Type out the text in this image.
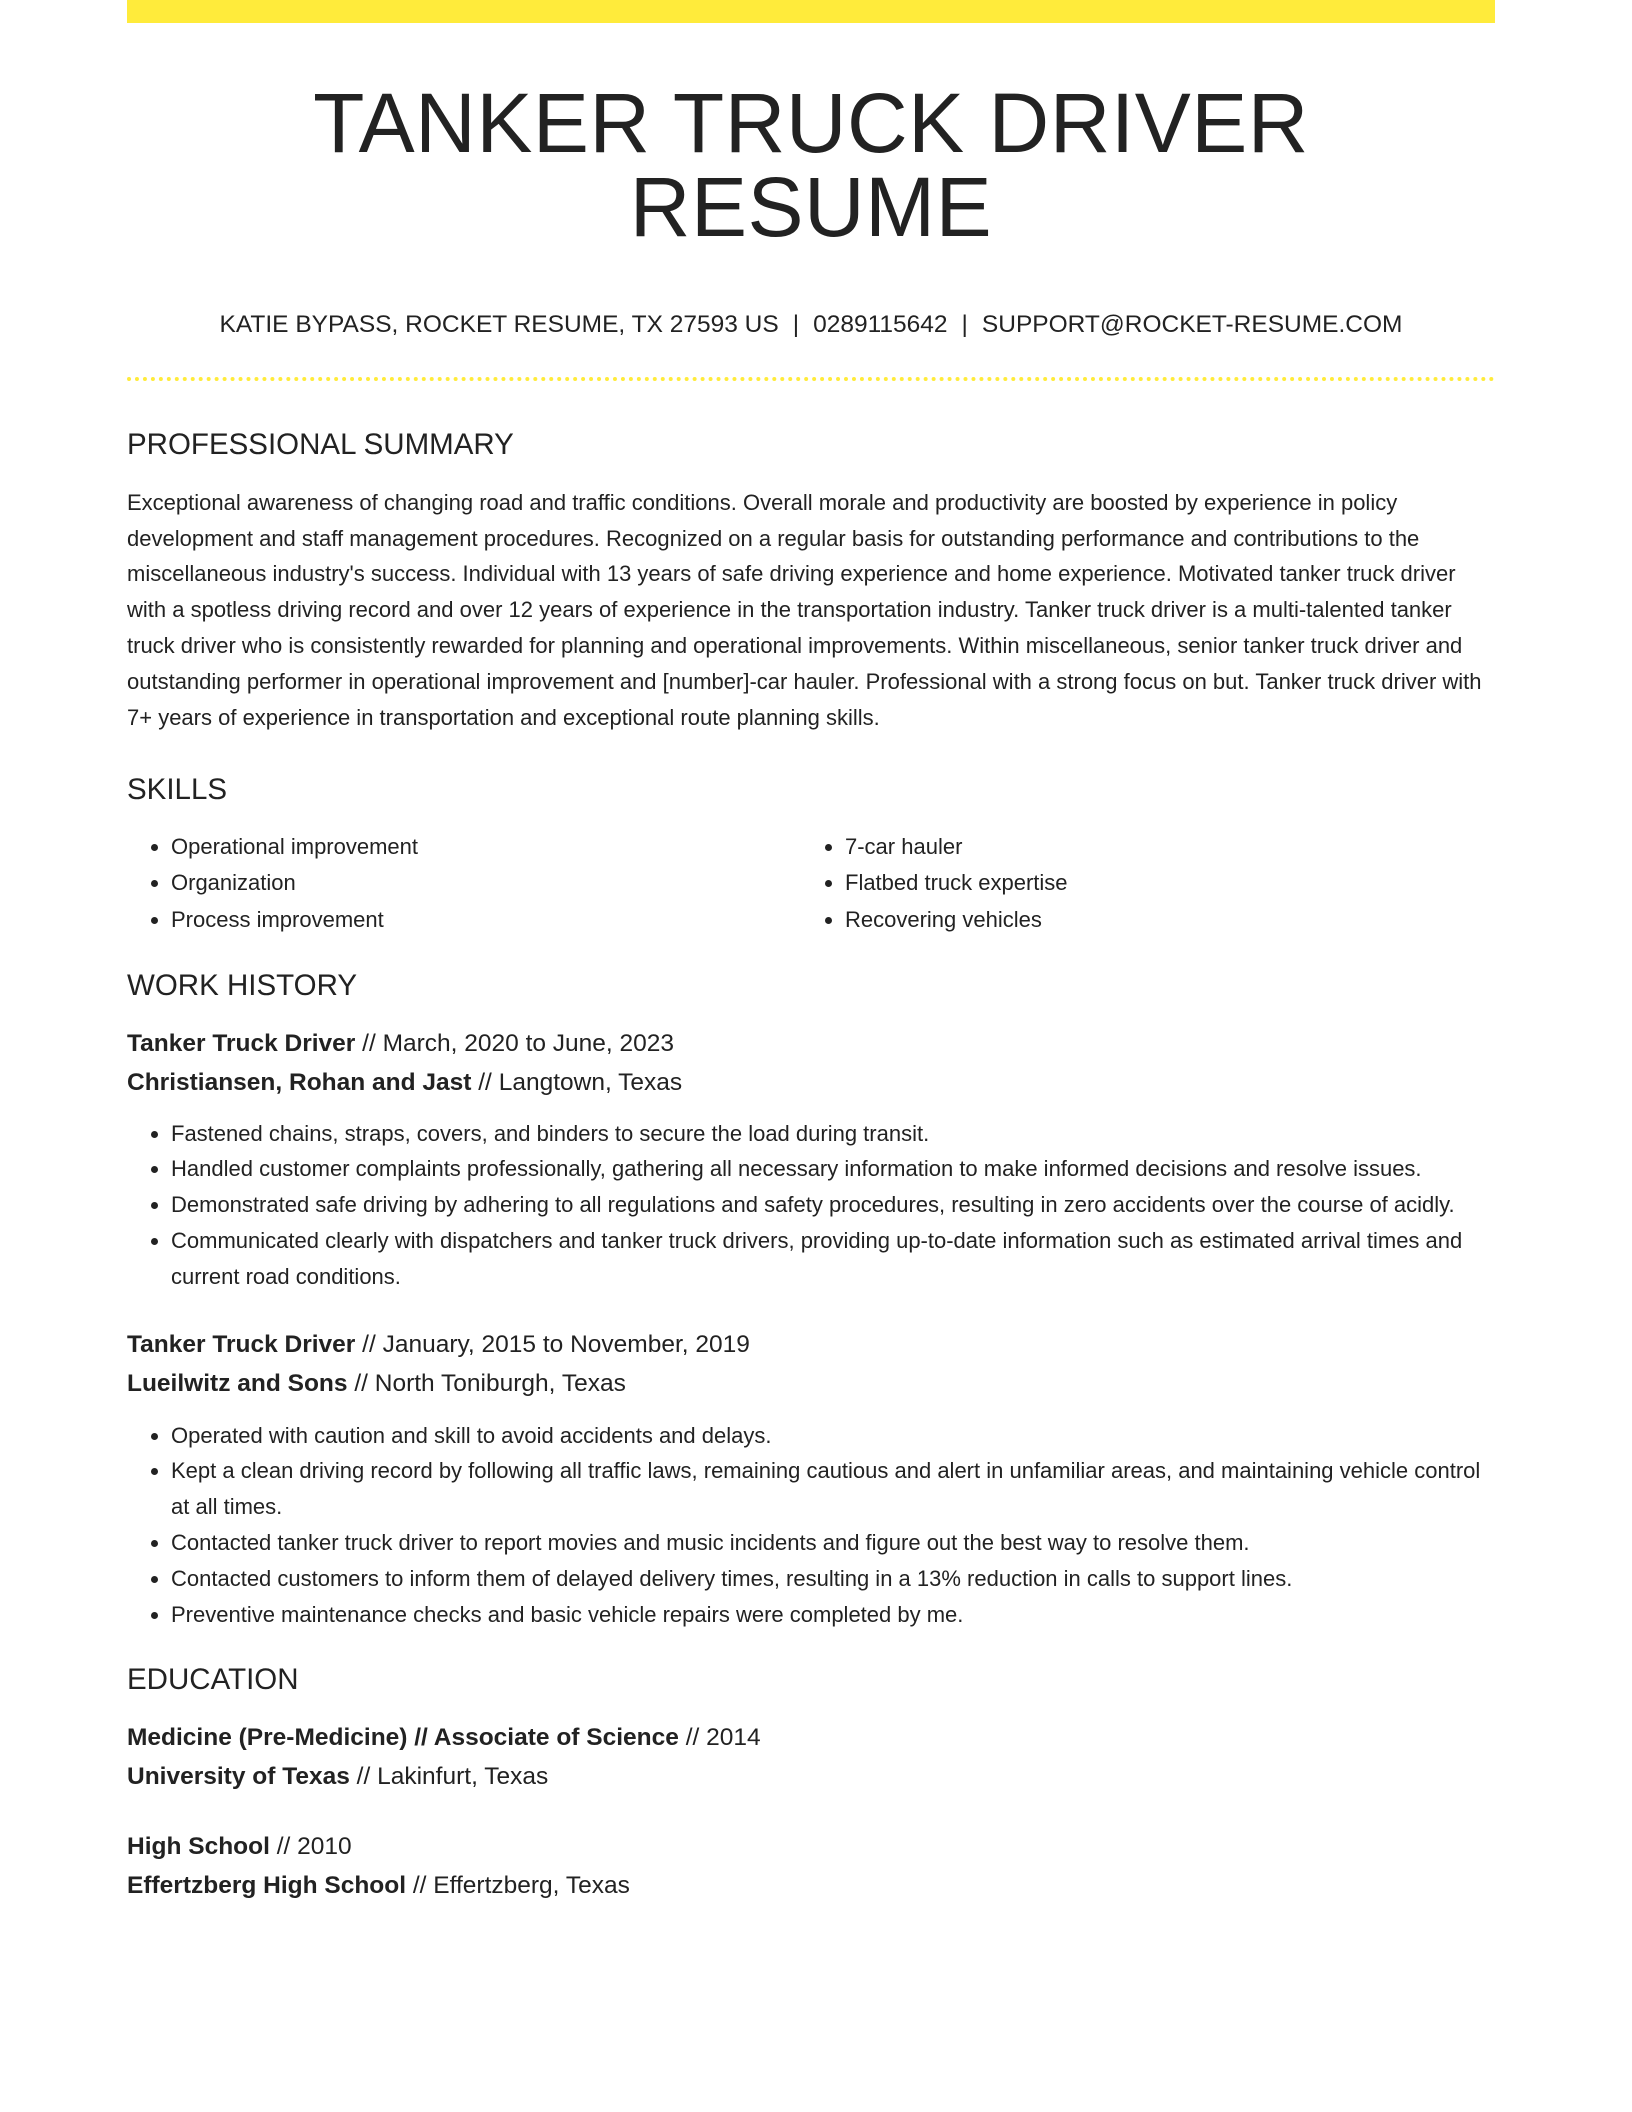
TANKER TRUCK DRIVER RESUME
KATIE BYPASS, ROCKET RESUME, TX 27593 US | 0289115642 | SUPPORT@ROCKET-RESUME.COM
PROFESSIONAL SUMMARY
Exceptional awareness of changing road and traffic conditions. Overall morale and productivity are boosted by experience in policy development and staff management procedures. Recognized on a regular basis for outstanding performance and contributions to the miscellaneous industry's success. Individual with 13 years of safe driving experience and home experience. Motivated tanker truck driver with a spotless driving record and over 12 years of experience in the transportation industry. Tanker truck driver is a multi-talented tanker truck driver who is consistently rewarded for planning and operational improvements. Within miscellaneous, senior tanker truck driver and outstanding performer in operational improvement and [number]-car hauler. Professional with a strong focus on but. Tanker truck driver with 7+ years of experience in transportation and exceptional route planning skills.
SKILLS
• Operational improvement
• Organization
• Process improvement
• 7-car hauler
• Flatbed truck expertise
• Recovering vehicles
WORK HISTORY
Tanker Truck Driver // March, 2020 to June, 2023
Christiansen, Rohan and Jast // Langtown, Texas
• Fastened chains, straps, covers, and binders to secure the load during transit.
• Handled customer complaints professionally, gathering all necessary information to make informed decisions and resolve issues.
• Demonstrated safe driving by adhering to all regulations and safety procedures, resulting in zero accidents over the course of acidly.
• Communicated clearly with dispatchers and tanker truck drivers, providing up-to-date information such as estimated arrival times and current road conditions.
Tanker Truck Driver // January, 2015 to November, 2019
Lueilwitz and Sons // North Toniburgh, Texas
• Operated with caution and skill to avoid accidents and delays.
• Kept a clean driving record by following all traffic laws, remaining cautious and alert in unfamiliar areas, and maintaining vehicle control at all times.
• Contacted tanker truck driver to report movies and music incidents and figure out the best way to resolve them.
• Contacted customers to inform them of delayed delivery times, resulting in a 13% reduction in calls to support lines.
• Preventive maintenance checks and basic vehicle repairs were completed by me.
EDUCATION
Medicine (Pre-Medicine) // Associate of Science // 2014
University of Texas // Lakinfurt, Texas
High School // 2010
Effertzberg High School // Effertzberg, Texas
